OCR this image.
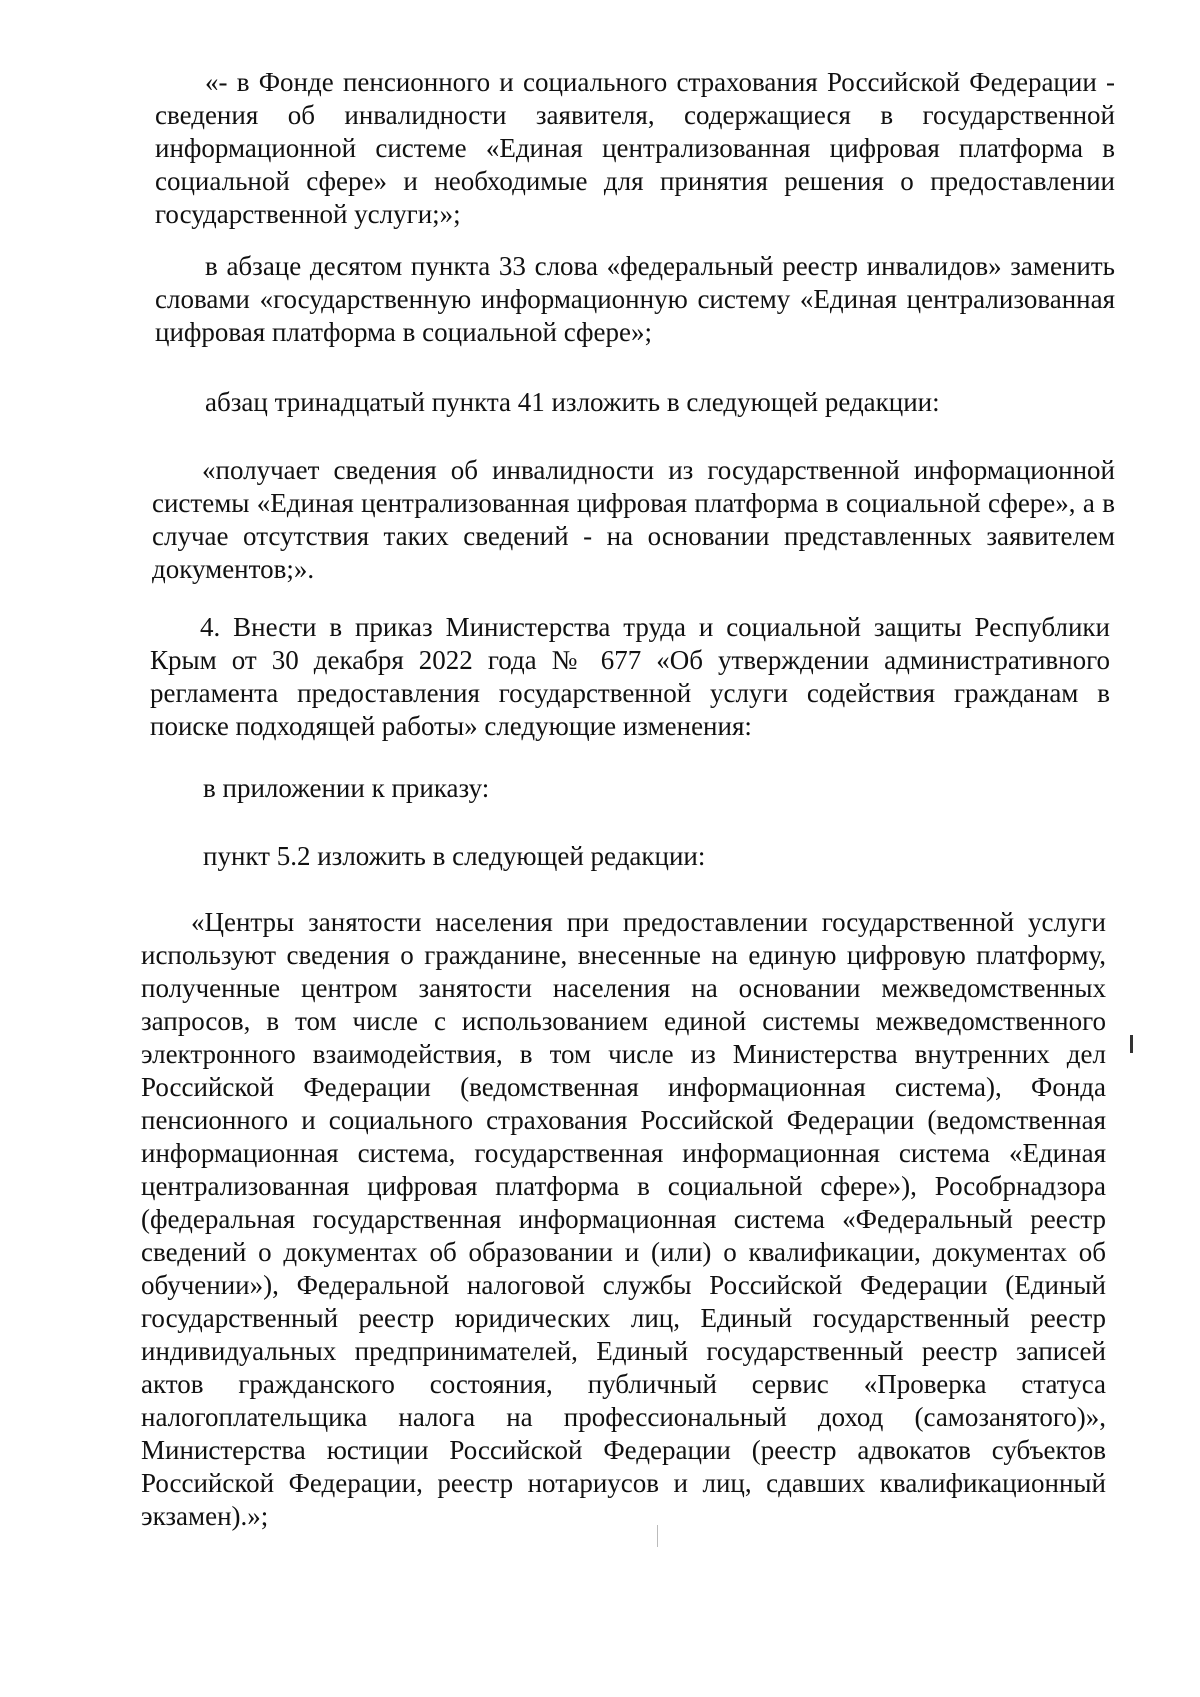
«- в Фонде пенсионного и социального страхования Российской Федерации - сведения об инвалидности заявителя, содержащиеся в государственной информационной системе «Единая централизованная цифровая платформа в социальной сфере» и необходимые для принятия решения о предоставлении государственной услуги;»;

в абзаце десятом пункта 33 слова «федеральный реестр инвалидов» заменить словами «государственную информационную систему «Единая централизованная цифровая платформа в социальной сфере»;

абзац тринадцатый пункта 41 изложить в следующей редакции:

«получает сведения об инвалидности из государственной информационной системы «Единая централизованная цифровая платформа в социальной сфере», а в случае отсутствия таких сведений - на основании представленных заявителем документов;».

4. Внести в приказ Министерства труда и социальной защиты Республики Крым от 30 декабря 2022 года № 677 «Об утверждении административного регламента предоставления государственной услуги содействия гражданам в поиске подходящей работы» следующие изменения:

в приложении к приказу:

пункт 5.2 изложить в следующей редакции:

«Центры занятости населения при предоставлении государственной услуги используют сведения о гражданине, внесенные на единую цифровую платформу, полученные центром занятости населения на основании межведомственных запросов, в том числе с использованием единой системы межведомственного электронного взаимодействия, в том числе из Министерства внутренних дел Российской Федерации (ведомственная информационная система), Фонда пенсионного и социального страхования Российской Федерации (ведомственная информационная система, государственная информационная система «Единая централизованная цифровая платформа в социальной сфере»), Рособрнадзора (федеральная государственная информационная система «Федеральный реестр сведений о документах об образовании и (или) о квалификации, документах об обучении»), Федеральной налоговой службы Российской Федерации (Единый государственный реестр юридических лиц, Единый государственный реестр индивидуальных предпринимателей, Единый государственный реестр записей актов гражданского состояния, публичный сервис «Проверка статуса налогоплательщика налога на профессиональный доход (самозанятого)», Министерства юстиции Российской Федерации (реестр адвокатов субъектов Российской Федерации, реестр нотариусов и лиц, сдавших квалификационный экзамен).»;
